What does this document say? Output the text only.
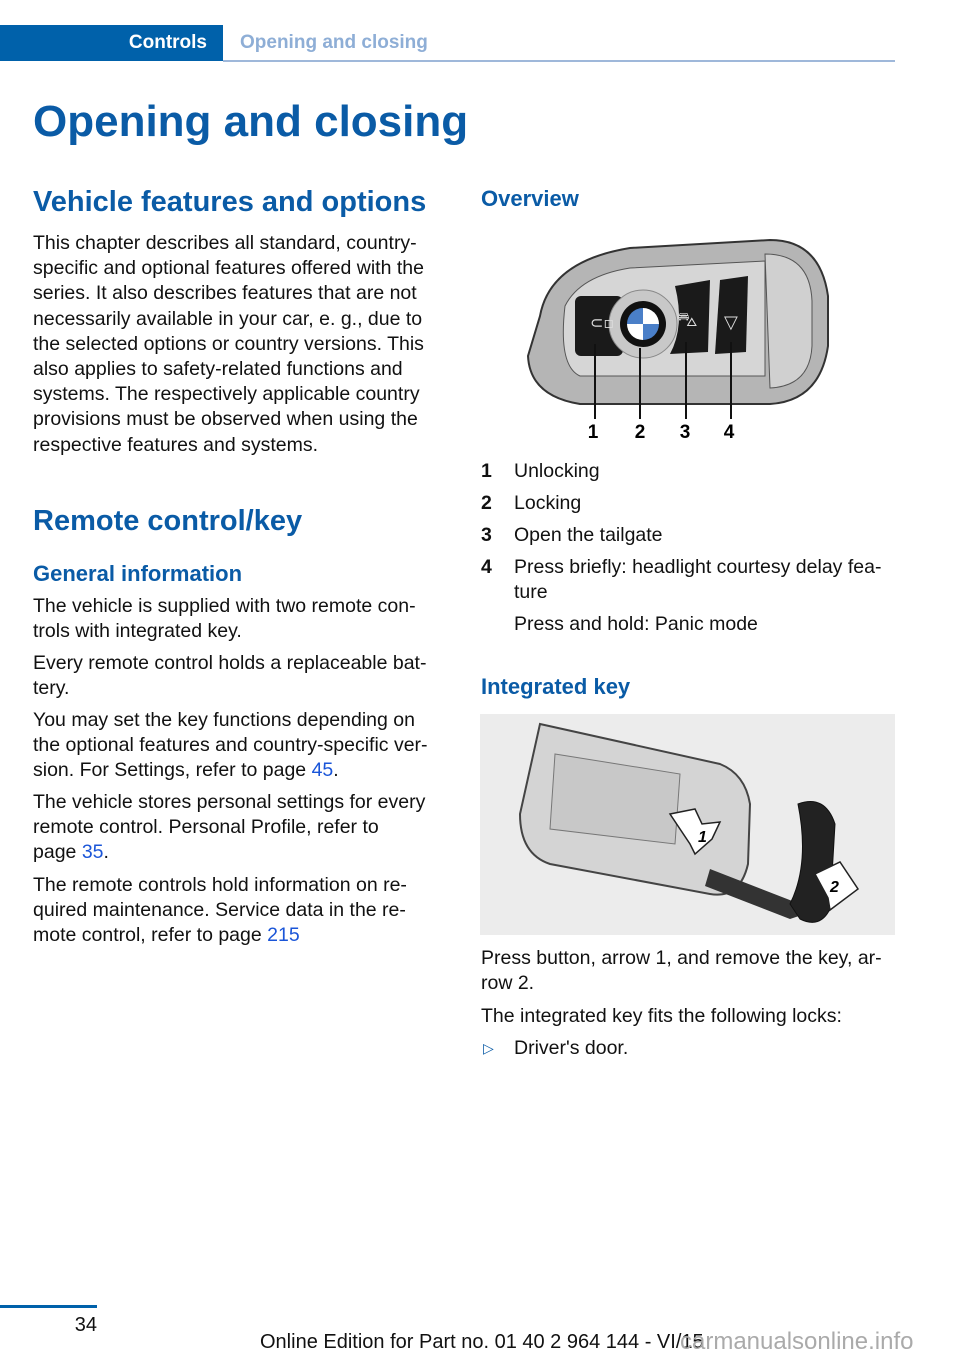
Controls Opening and closing
Opening and closing
Vehicle features and options
This chapter describes all standard, country-
specific and optional features offered with the
series. It also describes features that are not
necessarily available in your car, e. g., due to
the selected options or country versions. This
also applies to safety-related functions and
systems. The respectively applicable country
provisions must be observed when using the
respective features and systems.
Remote control/key
General information
The vehicle is supplied with two remote con-
trols with integrated key.
Every remote control holds a replaceable bat-
tery.
You may set the key functions depending on
the optional features and country-specific ver-
sion. For Settings, refer to page 45.
The vehicle stores personal settings for every
remote control. Personal Profile, refer to
page 35.
The remote controls hold information on re-
quired maintenance. Service data in the re-
mote control, refer to page 215
Overview
⊂▫	⛍ ▽
1 2 3 4
1 Unlocking
2 Locking
3 Open the tailgate
4 Press briefly: headlight courtesy delay fea-
ture
Press and hold: Panic mode
Integrated key
1
2
Press button, arrow 1, and remove the key, ar-
row 2.
The integrated key fits the following locks:
▷ Driver's door.
34
Online Edition for Part no. 01 40 2 964 144 - VI/15
carmanualsonline.info
